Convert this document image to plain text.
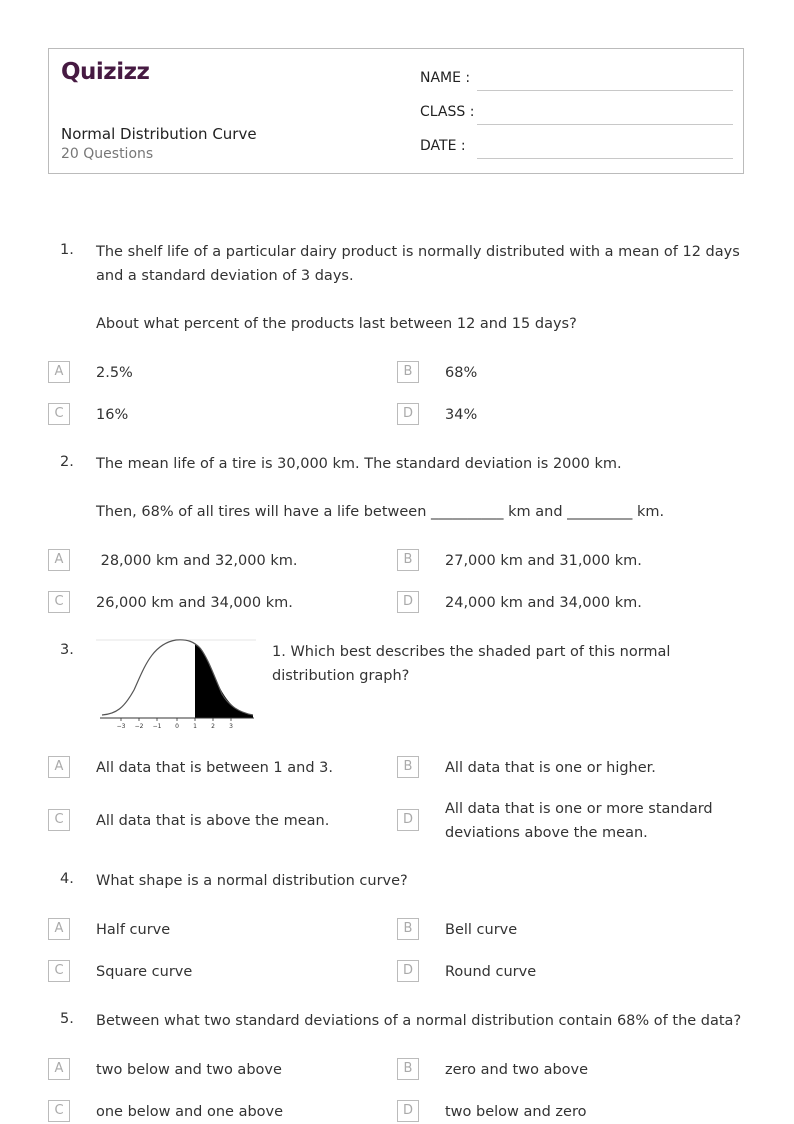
Quizizz
Normal Distribution Curve
20 Questions
NAME :
CLASS :
DATE :
1. The shelf life of a particular dairy product is normally distributed with a mean of 12 days and a standard deviation of 3 days.
About what percent of the products last between 12 and 15 days?
A	2.5%	B	68%
C	16%	D	34%
2. The mean life of a tire is 30,000 km. The standard deviation is 2000 km.
Then, 68% of all tires will have a life between __________ km and _________ km.
A	28,000 km and 32,000 km.	B	27,000 km and 31,000 km.
C	26,000 km and 34,000 km.	D	24,000 km and 34,000 km.
3.
−3 −2 −1 0 1 2 3
1. Which best describes the shaded part of this normal distribution graph?
A	All data that is between 1 and 3.	B	All data that is one or higher.
C	All data that is above the mean.	D
All data that is one or more standard deviations above the mean.
4. What shape is a normal distribution curve?
A	Half curve	B	Bell curve
C	Square curve	D	Round curve
5. Between what two standard deviations of a normal distribution contain 68% of the data?
A	two below and two above	B	zero and two above
C	one below and one above	D	two below and zero
